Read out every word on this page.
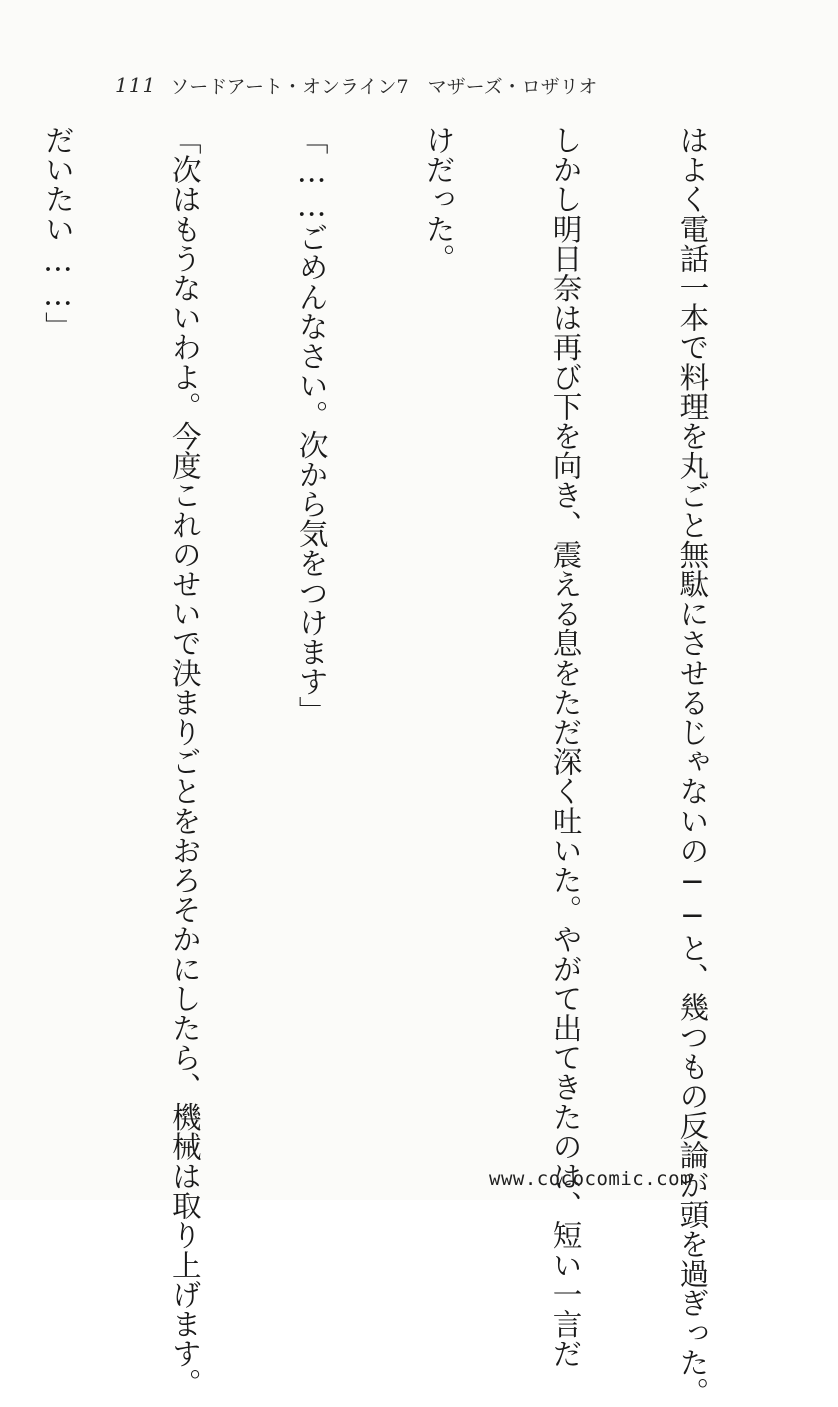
111 ソードアート・オンライン7　マザーズ・ロザリオ

はよく電話一本で料理を丸ごと無駄にさせるじゃないの──と、幾つもの反論が頭を過ぎった。

しかし明日奈は再び下を向き、震える息をただ深く吐いた。やがて出てきたのは、短い一言だ

けだった。

「……ごめんなさい。次から気をつけます」

「次はもうないわよ。今度これのせいで決まりごとをおろそかにしたら、機械は取り上げます。

だいたい……」

www.cococomic.com
